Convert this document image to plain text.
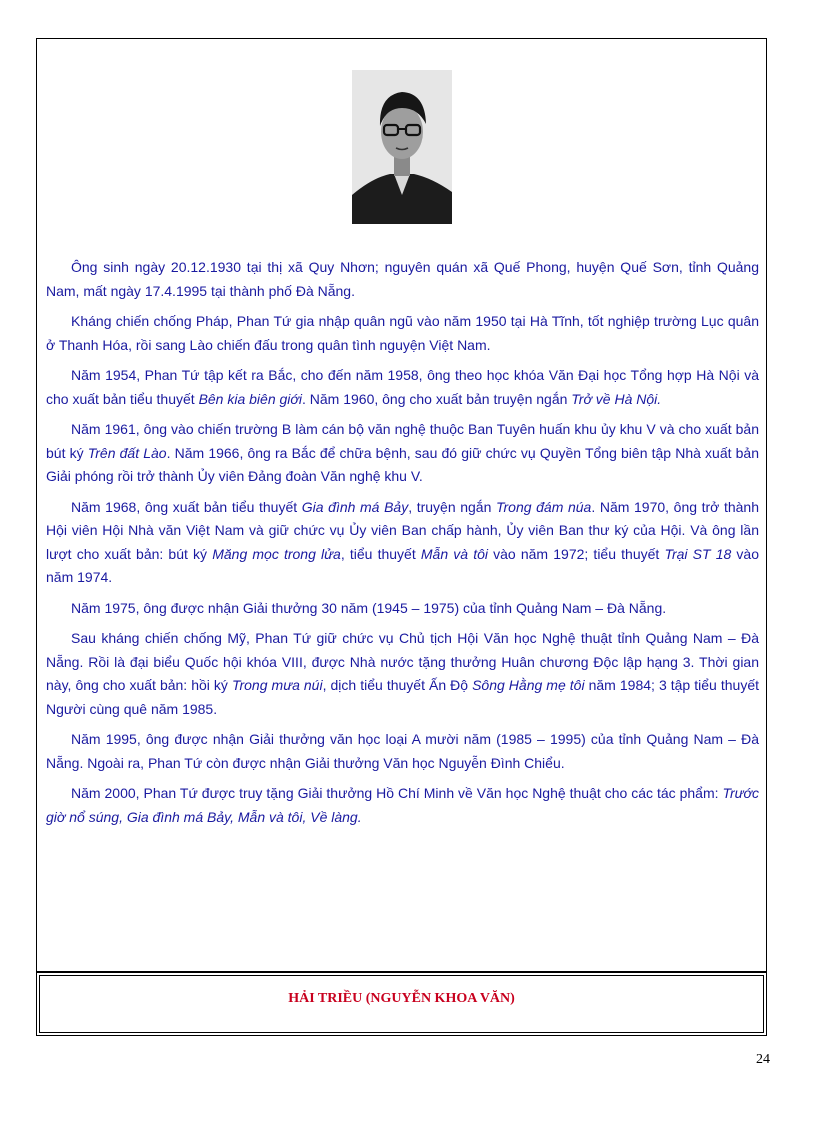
Ông sinh ngày 20.12.1930 tại thị xã Quy Nhơn; nguyên quán xã Quế Phong, huyện Quế Sơn, tỉnh Quảng Nam, mất ngày 17.4.1995 tại thành phố Đà Nẵng.

Kháng chiến chống Pháp, Phan Tứ gia nhập quân ngũ vào năm 1950 tại Hà Tĩnh, tốt nghiệp trường Lục quân ở Thanh Hóa, rồi sang Lào chiến đấu trong quân tình nguyện Việt Nam.

Năm 1954, Phan Tứ tập kết ra Bắc, cho đến năm 1958, ông theo học khóa Văn Đại học Tổng hợp Hà Nội và cho xuất bản tiểu thuyết Bên kia biên giới. Năm 1960, ông cho xuất bản truyện ngắn Trở về Hà Nội.

Năm 1961, ông vào chiến trường B làm cán bộ văn nghệ thuộc Ban Tuyên huấn khu ủy khu V và cho xuất bản bút ký Trên đất Lào. Năm 1966, ông ra Bắc để chữa bệnh, sau đó giữ chức vụ Quyền Tổng biên tập Nhà xuất bản Giải phóng rồi trở thành Ủy viên Đảng đoàn Văn nghệ khu V.

Năm 1968, ông xuất bản tiểu thuyết Gia đình má Bảy, truyện ngắn Trong đám núa. Năm 1970, ông trở thành Hội viên Hội Nhà văn Việt Nam và giữ chức vụ Ủy viên Ban chấp hành, Ủy viên Ban thư ký của Hội. Và ông lần lượt cho xuất bản: bút ký Măng mọc trong lửa, tiểu thuyết Mẫn và tôi vào năm 1972; tiểu thuyết Trại ST 18 vào năm 1974.

Năm 1975, ông được nhận Giải thưởng 30 năm (1945 – 1975) của tỉnh Quảng Nam – Đà Nẵng.

Sau kháng chiến chống Mỹ, Phan Tứ giữ chức vụ Chủ tịch Hội Văn học Nghệ thuật tỉnh Quảng Nam – Đà Nẵng. Rồi là đại biểu Quốc hội khóa VIII, được Nhà nước tặng thưởng Huân chương Độc lập hạng 3. Thời gian này, ông cho xuất bản: hồi ký Trong mưa núi, dịch tiểu thuyết Ấn Độ Sông Hằng mẹ tôi năm 1984; 3 tập tiểu thuyết Người cùng quê năm 1985.

Năm 1995, ông được nhận Giải thưởng văn học loại A mười năm (1985 – 1995) của tỉnh Quảng Nam – Đà Nẵng. Ngoài ra, Phan Tứ còn được nhận Giải thưởng Văn học Nguyễn Đình Chiểu.

Năm 2000, Phan Tứ được truy tặng Giải thưởng Hồ Chí Minh về Văn học Nghệ thuật cho các tác phẩm: Trước giờ nổ súng, Gia đình má Bảy, Mẫn và tôi, Về làng.

HẢI TRIỀU (NGUYỄN KHOA VĂN)
24
